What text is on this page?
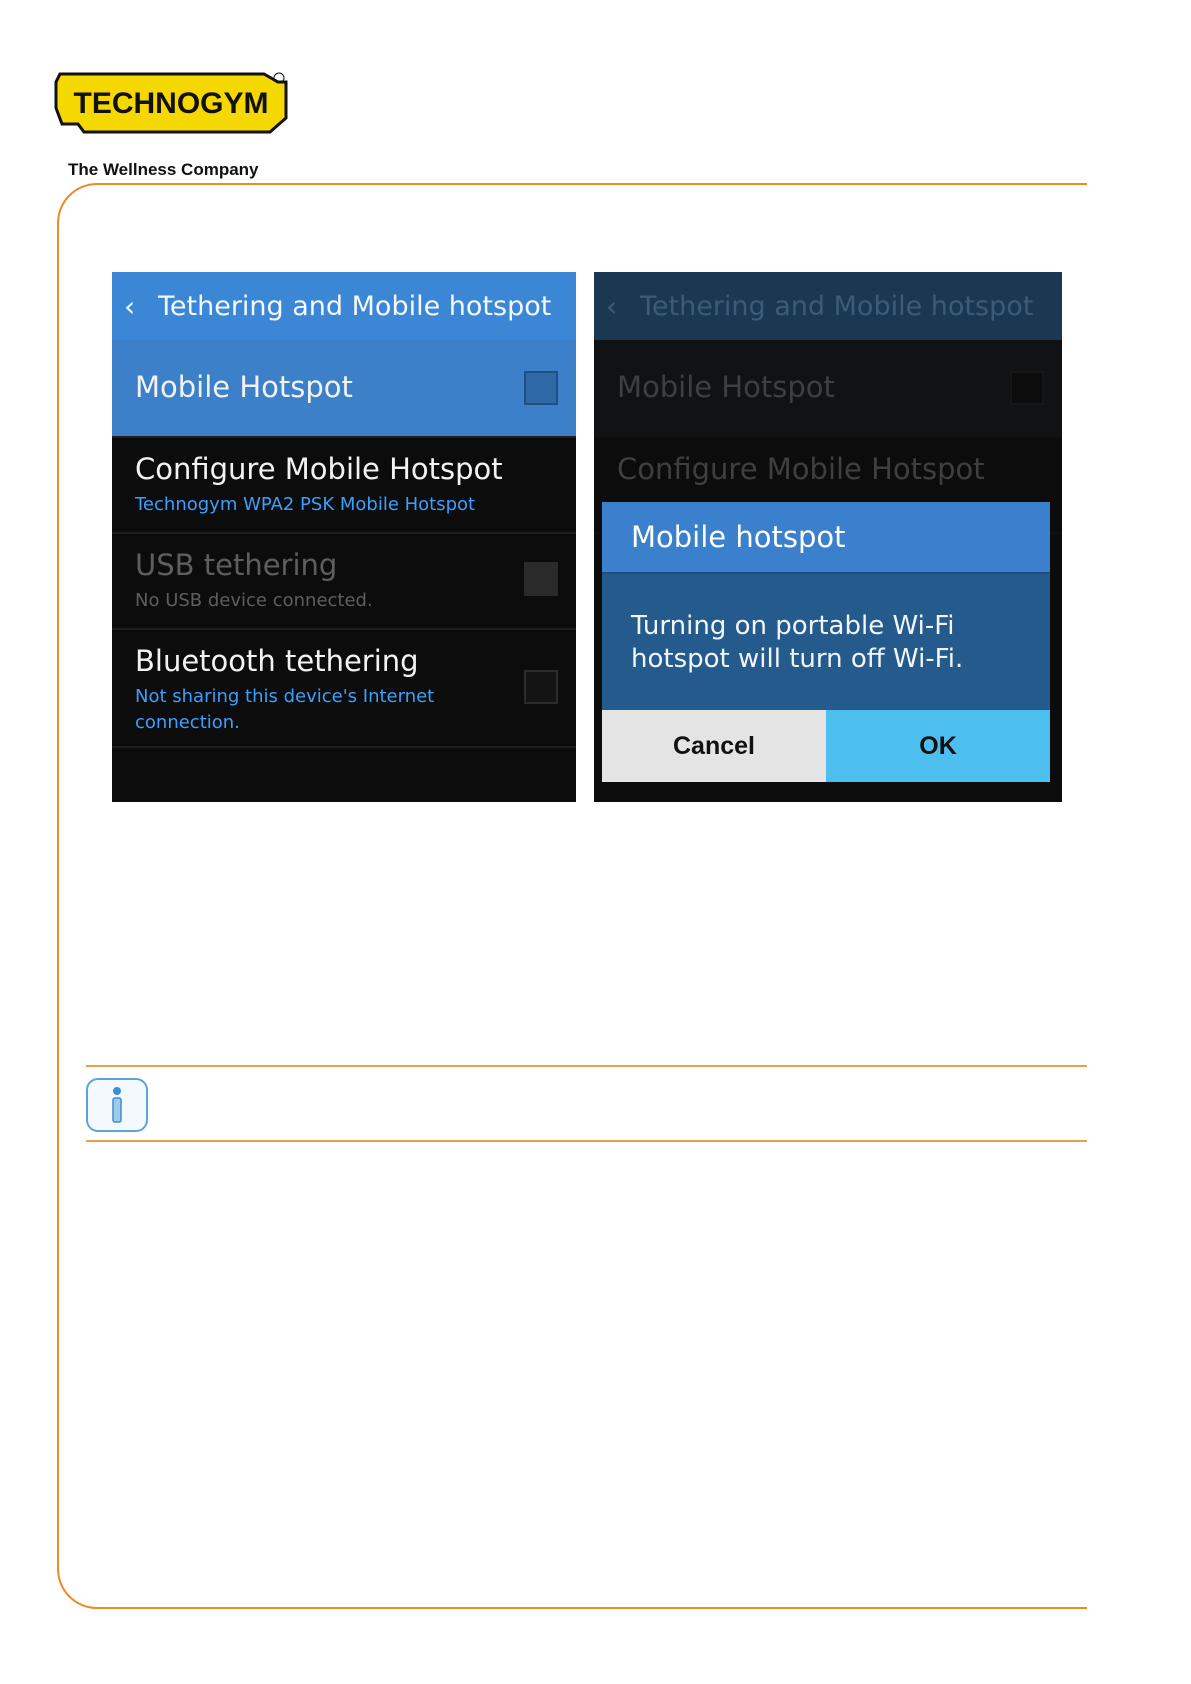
TECHNOGYM
The Wellness Company
‹ Tethering and Mobile hotspot
Mobile Hotspot
Configure Mobile Hotspot
Technogym WPA2 PSK Mobile Hotspot
USB tethering
No USB device connected.
Bluetooth tethering
Not sharing this device's Internet
connection.
‹ Tethering and Mobile hotspot
Mobile Hotspot
Configure Mobile Hotspot
Mobile hotspot
Turning on portable Wi-Fi
hotspot will turn off Wi-Fi.
Cancel	OK
